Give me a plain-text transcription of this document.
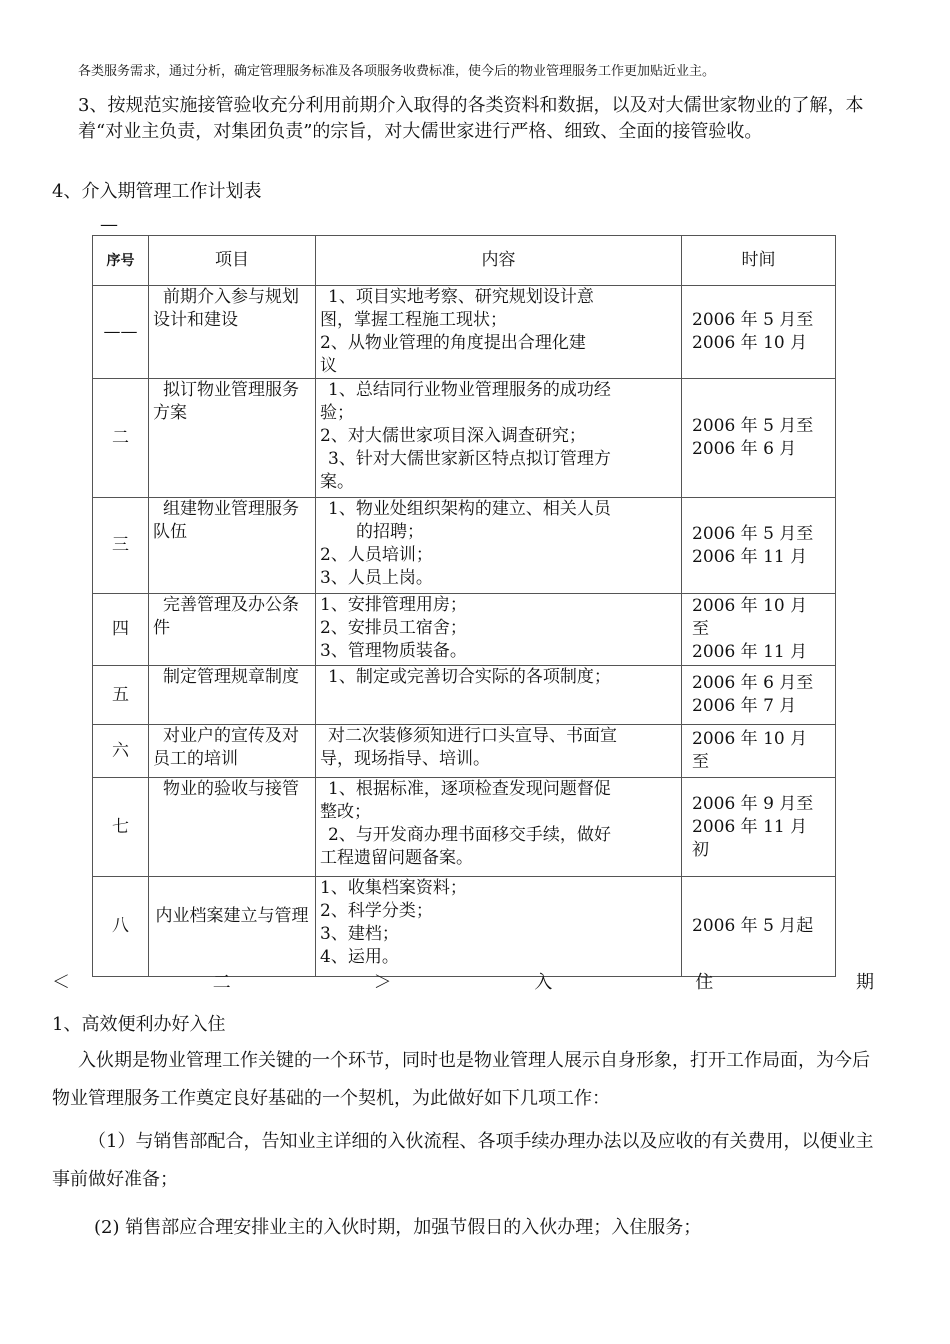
各类服务需求，通过分析，确定管理服务标准及各项服务收费标准，使今后的物业管理服务工作更加贴近业主。
3、按规范实施接管验收充分利用前期介入取得的各类资料和数据，以及对大儒世家物业的了解，本着“对业主负责，对集团负责”的宗旨，对大儒世家进行严格、细致、全面的接管验收。
4、介入期管理工作计划表
—
序号	项目	内容	时间
——	前期介入参与规划设计和建设	1、项目实地考察、研究规划设计意
图，掌握工程施工现状；
2、从物业管理的角度提出合理化建
议	2006 年 5 月至
2006 年 10 月

二	拟订物业管理服务方案	1、总结同行业物业管理服务的成功经
验；
2、对大儒世家项目深入调查研究；
3、针对大儒世家新区特点拟订管理方
案。	2006 年 5 月至
2006 年 6 月

三	组建物业管理服务队伍	1、物业处组织架构的建立、相关人员
的招聘；
2、人员培训；
3、人员上岗。	2006 年 5 月至
2006 年 11 月

四	完善管理及办公条件	1、安排管理用房；
2、安排员工宿舍；
3、管理物质装备。	2006 年 10 月
至
2006 年 11 月

五	制定管理规章制度	1、制定或完善切合实际的各项制度；	2006 年 6 月至
2006 年 7 月

六	对业户的宣传及对员工的培训	对二次装修须知进行口头宣导、书面宣
导，现场指导、培训。	2006 年 10 月
至

七	物业的验收与接管	1、根据标准，逐项检查发现问题督促
整改；
2、与开发商办理书面移交手续，做好
工程遗留问题备案。	2006 年 9 月至
2006 年 11 月
初

八	内业档案建立与管理	1、收集档案资料；
2、科学分类；
3、建档；
4、运用。	2006 年 5 月起
＜	二	＞	入	住	期
1、高效便利办好入住
入伙期是物业管理工作关键的一个环节，同时也是物业管理人展示自身形象，打开工作局面，为今后物业管理服务工作奠定良好基础的一个契机，为此做好如下几项工作：
（1）与销售部配合，告知业主详细的入伙流程、各项手续办理办法以及应收的有关费用，以便业主事前做好准备；
(2) 销售部应合理安排业主的入伙时期，加强节假日的入伙办理；入住服务；
